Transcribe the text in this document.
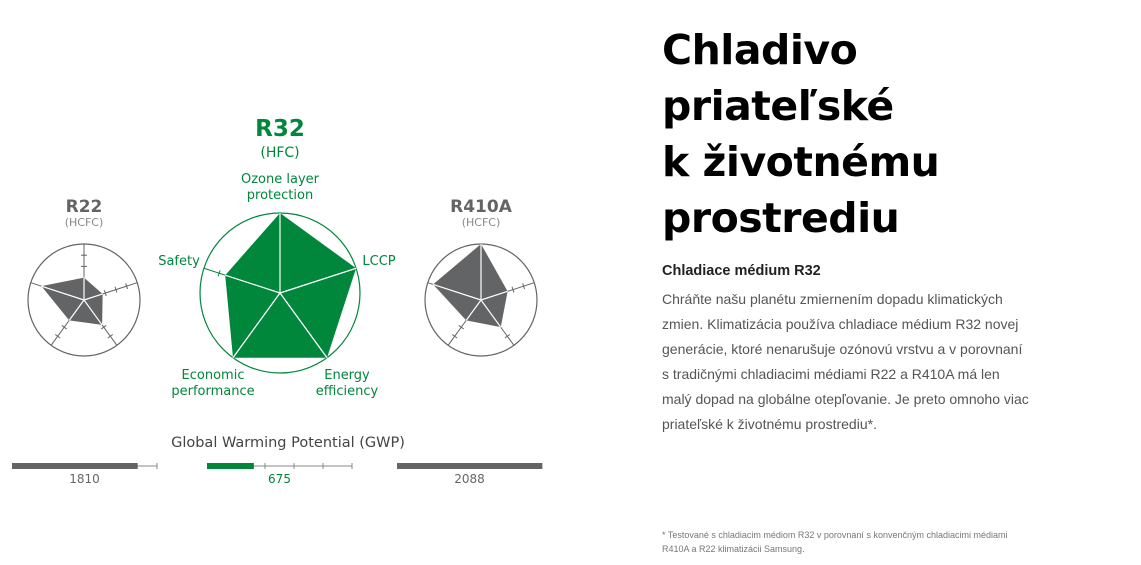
R22
(HCFC)
R32
(HFC)
R410A
(HCFC)
Ozone layer protection
LCCP
Energy efficiency
Economic performance
Safety
Global Warming Potential (GWP)
1810	675	2088
Chladivo
priateľské
k životnému
prostrediu
Chladiace médium R32

Chráňte našu planétu zmiernením dopadu klimatických
zmien. Klimatizácia používa chladiace médium R32 novej
generácie, ktoré nenarušuje ozónovú vrstvu a v porovnaní
s tradičnými chladiacimi médiami R22 a R410A má len
malý dopad na globálne otepľovanie. Je preto omnoho viac
priateľské k životnému prostrediu*.

* Testované s chladiacim médiom R32 v porovnaní s konvenčným chladiacimi médiami
R410A a R22 klimatizácii Samsung.
